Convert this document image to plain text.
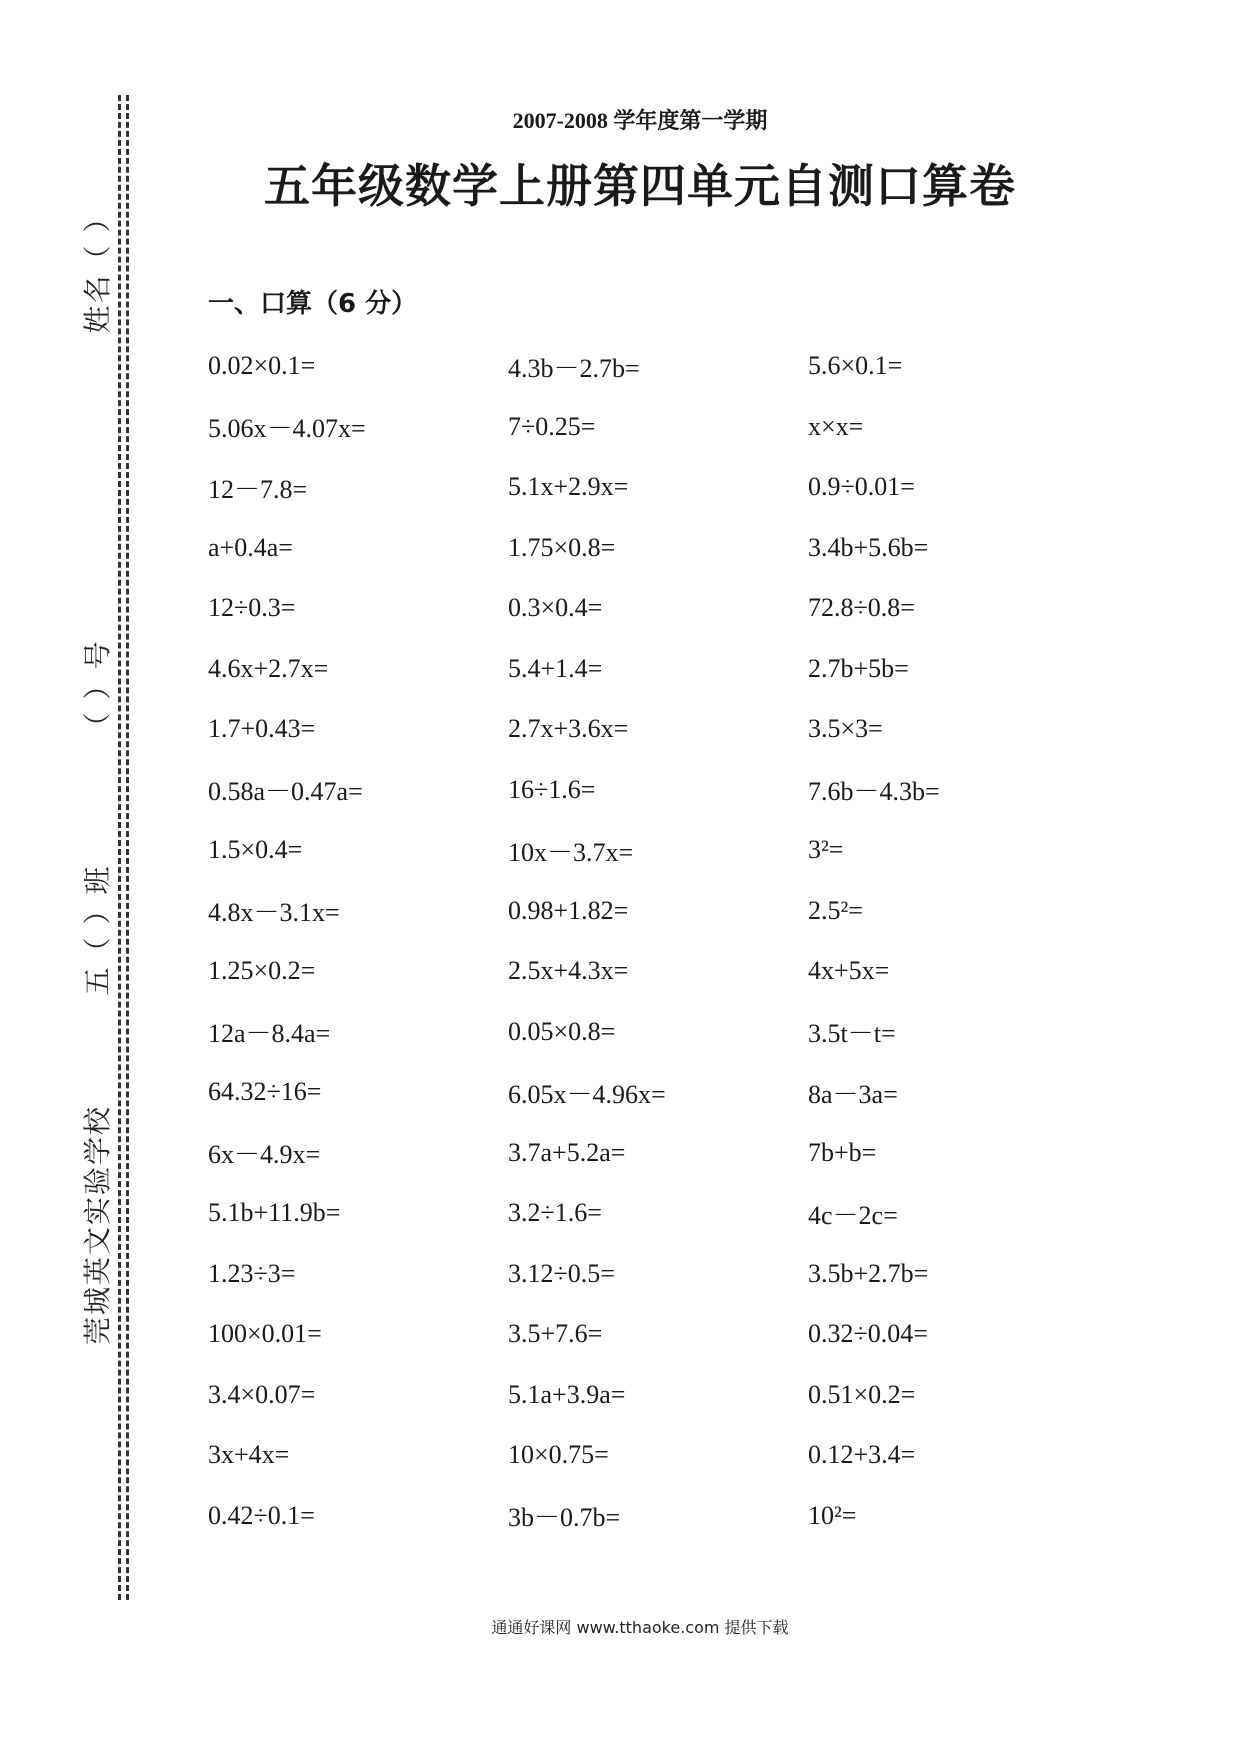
姓名（ ）
（ ）号
五（ ）班
莞城英文实验学校
2007-2008 学年度第一学期
五年级数学上册第四单元自测口算卷
一、口算（6 分）
0.02×0.1=	4.3b－2.7b=	5.6×0.1=
5.06x－4.07x=	7÷0.25=	x×x=
12－7.8=	5.1x+2.9x=	0.9÷0.01=
a+0.4a=	1.75×0.8=	3.4b+5.6b=
12÷0.3=	0.3×0.4=	72.8÷0.8=
4.6x+2.7x=	5.4+1.4=	2.7b+5b=
1.7+0.43=	2.7x+3.6x=	3.5×3=
0.58a－0.47a=	16÷1.6=	7.6b－4.3b=
1.5×0.4=	10x－3.7x=	3²=
4.8x－3.1x=	0.98+1.82=	2.5²=
1.25×0.2=	2.5x+4.3x=	4x+5x=
12a－8.4a=	0.05×0.8=	3.5t－t=
64.32÷16=	6.05x－4.96x=	8a－3a=
6x－4.9x=	3.7a+5.2a=	7b+b=
5.1b+11.9b=	3.2÷1.6=	4c－2c=
1.23÷3=	3.12÷0.5=	3.5b+2.7b=
100×0.01=	3.5+7.6=	0.32÷0.04=
3.4×0.07=	5.1a+3.9a=	0.51×0.2=
3x+4x=	10×0.75=	0.12+3.4=
0.42÷0.1=	3b－0.7b=	10²=
通通好课网 www.tthaoke.com 提供下载
